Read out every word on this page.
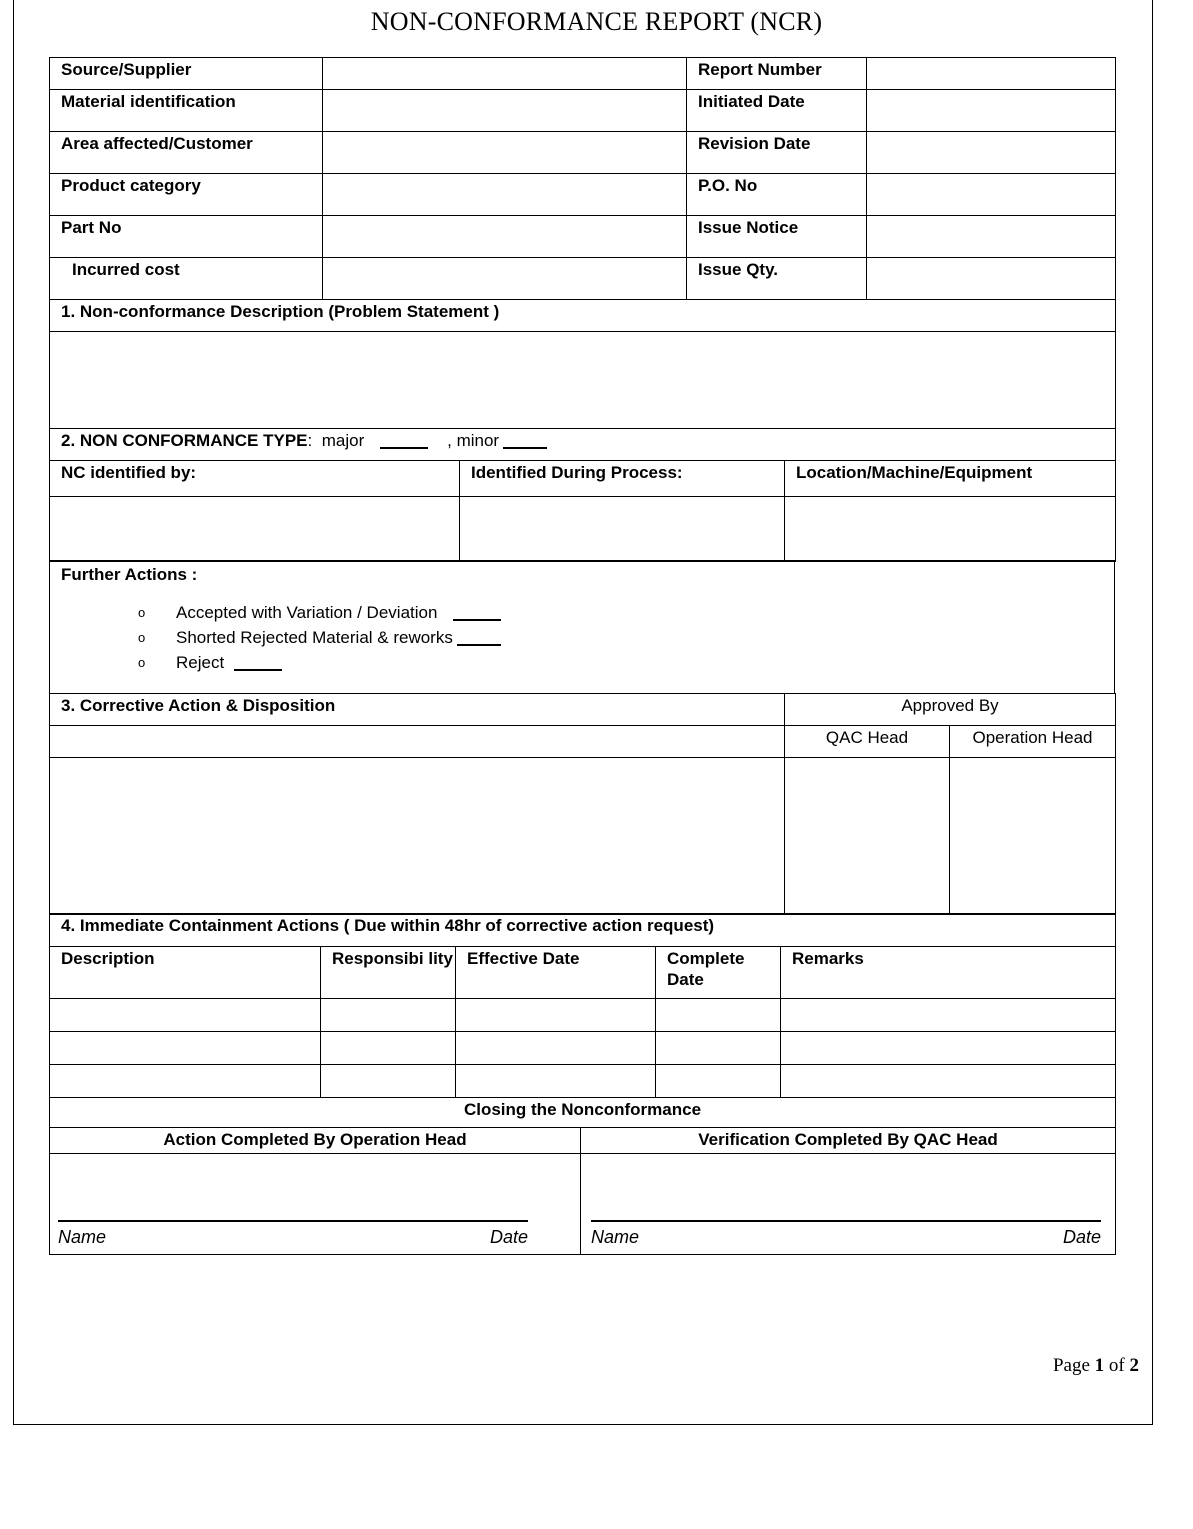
NON-CONFORMANCE REPORT (NCR)
Source/Supplier		Report Number	
Material identification		Initiated Date	
Area affected/Customer		Revision Date	
Product category		P.O. No	
Part No		Issue Notice	
Incurred cost		Issue Qty.	
1. Non-conformance Description (Problem Statement )			

2. NON CONFORMANCE TYPE: major , minor			
NC identified by:	Identified During Process:	Location/Machine/Equipment

Further Actions :
o Accepted with Variation / Deviation
o Shorted Rejected Material & reworks
o Reject
3. Corrective Action & Disposition	Approved By	
	QAC Head	Operation Head

4. Immediate Containment Actions ( Due within 48hr of corrective action request)				
Description	Responsibi lity	Effective Date	Complete Date	Remarks

Closing the Nonconformance	
Action Completed By Operation Head	Verification Completed By QAC Head

Name Date	Name Date
Page 1 of 2
